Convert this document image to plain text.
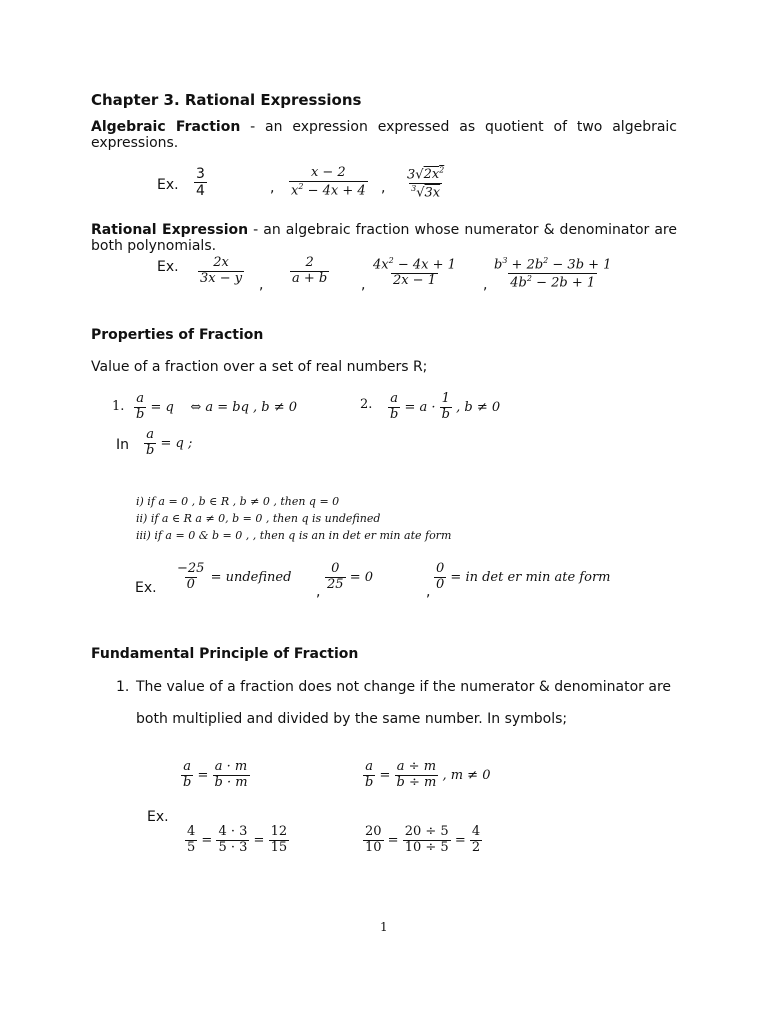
Chapter 3. Rational Expressions
Algebraic Fraction - an expression expressed as quotient of two algebraic expressions.
Ex. $\frac{3}{4}$	, $\frac{x - 2}{x^2 - 4x + 4}$ , $\frac{3√2x^2}{^3√3x}$
Rational Expression - an algebraic fraction whose numerator & denominator are both polynomials.
Ex. $\frac{2x}{3x - y}$ , $\frac{2}{a + b}$ , $\frac{4x^2 - 4x + 1}{2x - 1}$ , $\frac{b^3 + 2b^2 - 3b + 1}{4b^2 - 2b + 1}$
Properties of Fraction
Value of a fraction over a set of real numbers R;
1. $\frac{a}{b} = q$    ⇔ a = bq , b ≠ 0	2. $\frac{a}{b} = a \cdot \frac{1}{b}$ , b ≠ 0
In $\frac{a}{b} = q$ ;
i) if a = 0 , b ∈ R , b ≠ 0 , then q = 0
ii) if a ∈ R a ≠ 0, b = 0 , then q is undefined
iii) if a = 0 & b = 0 , , then q is an in det er min ate form
Ex. $\frac{-25}{0}$ = undefined
, $\frac{0}{25} = 0$
, $\frac{0}{0}$ = in det er min ate form
Fundamental Principle of Fraction
1. The value of a fraction does not change if the numerator & denominator are
both multiplied and divided by the same number. In symbols;
$\frac{a}{b} = \frac{a \cdot m}{b \cdot m}$	$\frac{a}{b} = \frac{a \div m}{b \div m}$ , m ≠ 0
Ex.
$\frac{4}{5} = \frac{4 \cdot 3}{5 \cdot 3} = \frac{12}{15}$	$\frac{20}{10} = \frac{20 \div 5}{10 \div 5} = \frac{4}{2}$
1
